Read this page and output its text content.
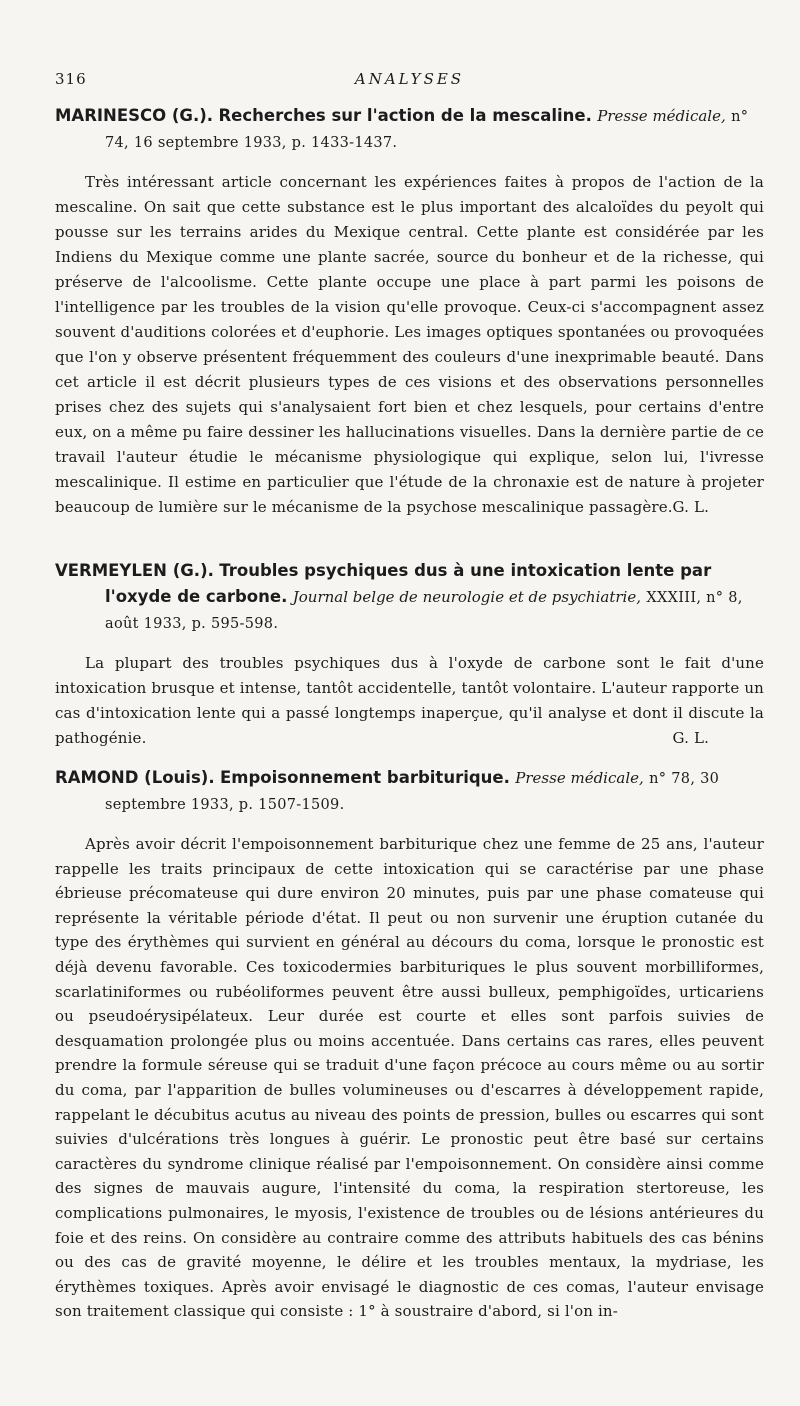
316	ANALYSES

MARINESCO (G.). Recherches sur l'action de la mescaline. Presse médicale, n° 74, 16 septembre 1933, p. 1433-1437.

Très intéressant article concernant les expériences faites à propos de l'action de la mescaline. On sait que cette substance est le plus important des alcaloïdes du peyolt qui pousse sur les terrains arides du Mexique central. Cette plante est considérée par les Indiens du Mexique comme une plante sacrée, source du bonheur et de la richesse, qui préserve de l'alcoolisme. Cette plante occupe une place à part parmi les poisons de l'intelligence par les troubles de la vision qu'elle provoque. Ceux-ci s'accompagnent assez souvent d'auditions colorées et d'euphorie. Les images optiques spontanées ou provoquées que l'on y observe présentent fréquemment des couleurs d'une inexprimable beauté. Dans cet article il est décrit plusieurs types de ces visions et des observations personnelles prises chez des sujets qui s'analysaient fort bien et chez lesquels, pour certains d'entre eux, on a même pu faire dessiner les hallucinations visuelles. Dans la dernière partie de ce travail l'auteur étudie le mécanisme physiologique qui explique, selon lui, l'ivresse mescalinique. Il estime en particulier que l'étude de la chronaxie est de nature à projeter beaucoup de lumière sur le mécanisme de la psychose mescalinique passagère. G. L.

VERMEYLEN (G.). Troubles psychiques dus à une intoxication lente par l'oxyde de carbone. Journal belge de neurologie et de psychiatrie, XXXIII, n° 8, août 1933, p. 595-598.

La plupart des troubles psychiques dus à l'oxyde de carbone sont le fait d'une intoxication brusque et intense, tantôt accidentelle, tantôt volontaire. L'auteur rapporte un cas d'intoxication lente qui a passé longtemps inaperçue, qu'il analyse et dont il discute la pathogénie.	G. L.

RAMOND (Louis). Empoisonnement barbiturique. Presse médicale, n° 78, 30 septembre 1933, p. 1507-1509.

Après avoir décrit l'empoisonnement barbiturique chez une femme de 25 ans, l'auteur rappelle les traits principaux de cette intoxication qui se caractérise par une phase ébrieuse précomateuse qui dure environ 20 minutes, puis par une phase comateuse qui représente la véritable période d'état. Il peut ou non survenir une éruption cutanée du type des érythèmes qui survient en général au décours du coma, lorsque le pronostic est déjà devenu favorable. Ces toxicodermies barbituriques le plus souvent morbilliformes, scarlatiniformes ou rubéoliformes peuvent être aussi bulleux, pemphigoïdes, urticariens ou pseudoérysipélateux. Leur durée est courte et elles sont parfois suivies de desquamation prolongée plus ou moins accentuée. Dans certains cas rares, elles peuvent prendre la formule séreuse qui se traduit d'une façon précoce au cours même ou au sortir du coma, par l'apparition de bulles volumineuses ou d'escarres à développement rapide, rappelant le décubitus acutus au niveau des points de pression, bulles ou escarres qui sont suivies d'ulcérations très longues à guérir. Le pronostic peut être basé sur certains caractères du syndrome clinique réalisé par l'empoisonnement. On considère ainsi comme des signes de mauvais augure, l'intensité du coma, la respiration stertoreuse, les complications pulmonaires, le myosis, l'existence de troubles ou de lésions antérieures du foie et des reins. On considère au contraire comme des attributs habituels des cas bénins ou des cas de gravité moyenne, le délire et les troubles mentaux, la mydriase, les érythèmes toxiques. Après avoir envisagé le diagnostic de ces comas, l'auteur envisage son traitement classique qui consiste : 1° à soustraire d'abord, si l'on in-
